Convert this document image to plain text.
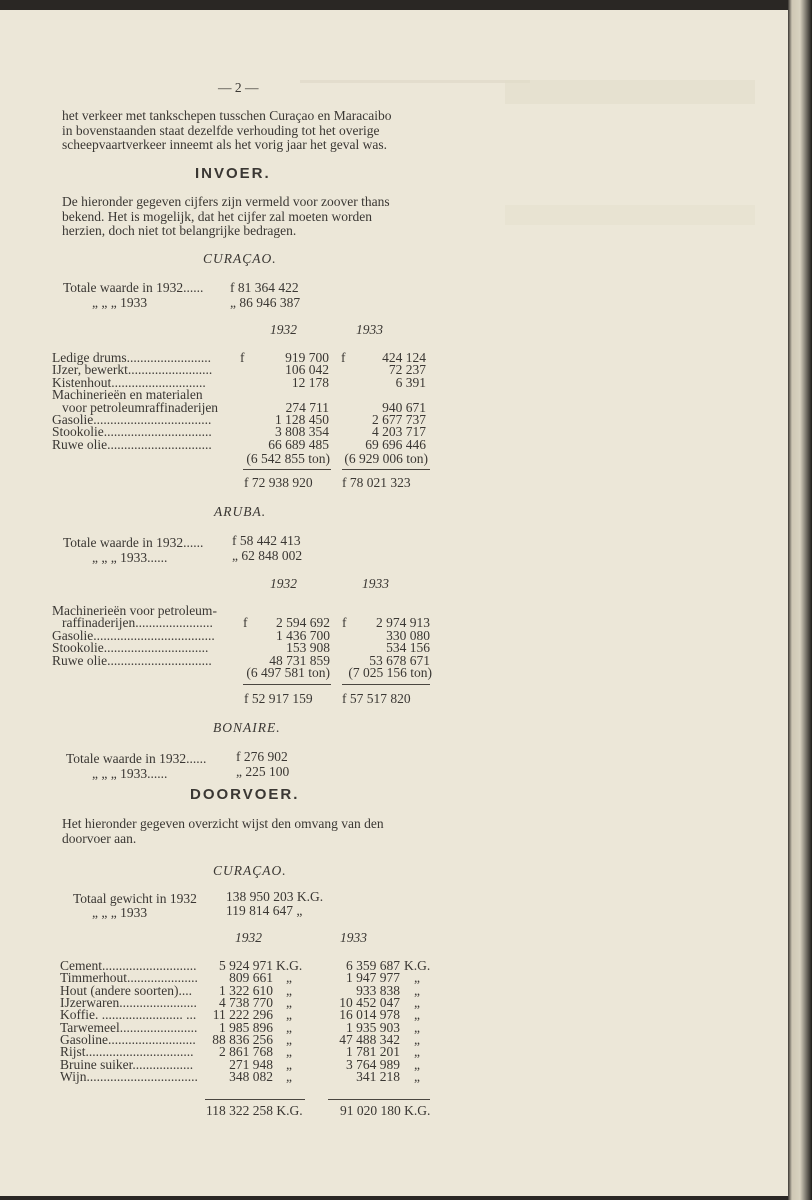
— 2 —
het verkeer met tankschepen tusschen Curaçao en Maracaibo
in bovenstaanden staat dezelfde verhouding tot het overige
scheepvaartverkeer inneemt als het vorig jaar het geval was.
INVOER.
De hieronder gegeven cijfers zijn vermeld voor zoover thans
bekend. Het is mogelijk, dat het cijfer zal moeten worden
herzien, doch niet tot belangrijke bedragen.
CURAÇAO.
Totale waarde in 1932...... f 81 364 422
„ „ „ 1933	„ 86 946 387
1932	1933
Ledige drums......................... f	919 700 f	424 124
IJzer, bewerkt.........................	106 042	72 237
Kistenhout............................	12 178	6 391
Machinerieën en materialen
voor petroleumraffinaderijen	274 711	940 671
Gasolie...................................	1 128 450	2 677 737
Stookolie................................	3 808 354	4 203 717
Ruwe olie...............................	66 689 485	69 696 446
(6 542 855 ton)	(6 929 006 ton)
f 72 938 920 f 78 021 323
ARUBA.
Totale waarde in 1932...... f 58 442 413
„ „ „ 1933......	„ 62 848 002
1932	1933
Machinerieën voor petroleum-
raffinaderijen....................... f	2 594 692 f	2 974 913
Gasolie....................................	1 436 700	330 080
Stookolie...............................	153 908	534 156
Ruwe olie...............................	48 731 859	53 678 671
(6 497 581 ton)	(7 025 156 ton)
f 52 917 159 f 57 517 820
BONAIRE.
Totale waarde in 1932...... f 276 902
„ „ „ 1933......	„ 225 100
DOORVOER.
Het hieronder gegeven overzicht wijst den omvang van den
doorvoer aan.
CURAÇAO.
Totaal gewicht in 1932 138 950 203 K.G.
„ „ „ 1933	119 814 647 „
1932	1933
Cement............................	5 924 971 K.G.	6 359 687 K.G.
Timmerhout.....................	809 661 „	1 947 977 „
Hout (andere soorten)....	1 322 610 „	933 838 „
IJzerwaren.......................	4 738 770 „	10 452 047 „
Koffie. ........................ ...	11 222 296 „	16 014 978 „
Tarwemeel.......................	1 985 896 „	1 935 903 „
Gasoline..........................	88 836 256 „	47 488 342 „
Rijst................................	2 861 768 „	1 781 201 „
Bruine suiker..................	271 948 „	3 764 989 „
Wijn.................................	348 082 „	341 218 „
118 322 258 K.G.	91 020 180 K.G.
